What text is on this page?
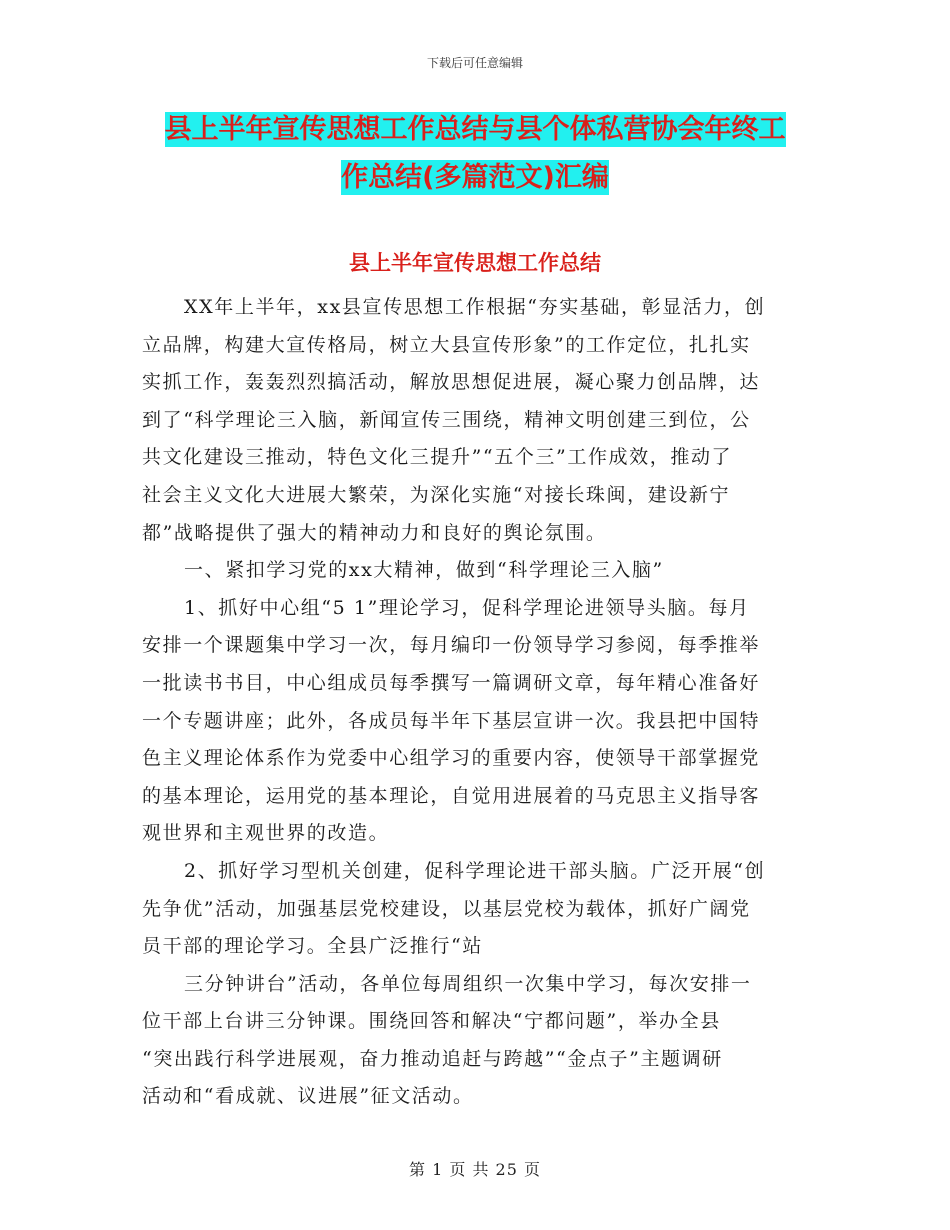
下载后可任意编辑
县上半年宣传思想工作总结与县个体私营协会年终工
作总结(多篇范文)汇编
县上半年宣传思想工作总结
XX年上半年，xx县宣传思想工作根据“夯实基础，彰显活力，创
立品牌，构建大宣传格局，树立大县宣传形象”的工作定位，扎扎实
实抓工作，轰轰烈烈搞活动，解放思想促进展，凝心聚力创品牌，达
到了“科学理论三入脑，新闻宣传三围绕，精神文明创建三到位，公
共文化建设三推动，特色文化三提升”“五个三”工作成效，推动了
社会主义文化大进展大繁荣，为深化实施“对接长珠闽，建设新宁
都”战略提供了强大的精神动力和良好的舆论氛围。
一、紧扣学习党的xx大精神，做到“科学理论三入脑”
1、抓好中心组“5 1”理论学习，促科学理论进领导头脑。每月
安排一个课题集中学习一次，每月编印一份领导学习参阅，每季推举
一批读书书目，中心组成员每季撰写一篇调研文章，每年精心准备好
一个专题讲座；此外，各成员每半年下基层宣讲一次。我县把中国特
色主义理论体系作为党委中心组学习的重要内容，使领导干部掌握党
的基本理论，运用党的基本理论，自觉用进展着的马克思主义指导客
观世界和主观世界的改造。
2、抓好学习型机关创建，促科学理论进干部头脑。广泛开展“创
先争优”活动，加强基层党校建设，以基层党校为载体，抓好广阔党
员干部的理论学习。全县广泛推行“站
三分钟讲台”活动，各单位每周组织一次集中学习，每次安排一
位干部上台讲三分钟课。围绕回答和解决“宁都问题”，举办全县
“突出践行科学进展观，奋力推动追赶与跨越”“金点子”主题调研
活动和“看成就、议进展”征文活动。
第 1 页 共 25 页
